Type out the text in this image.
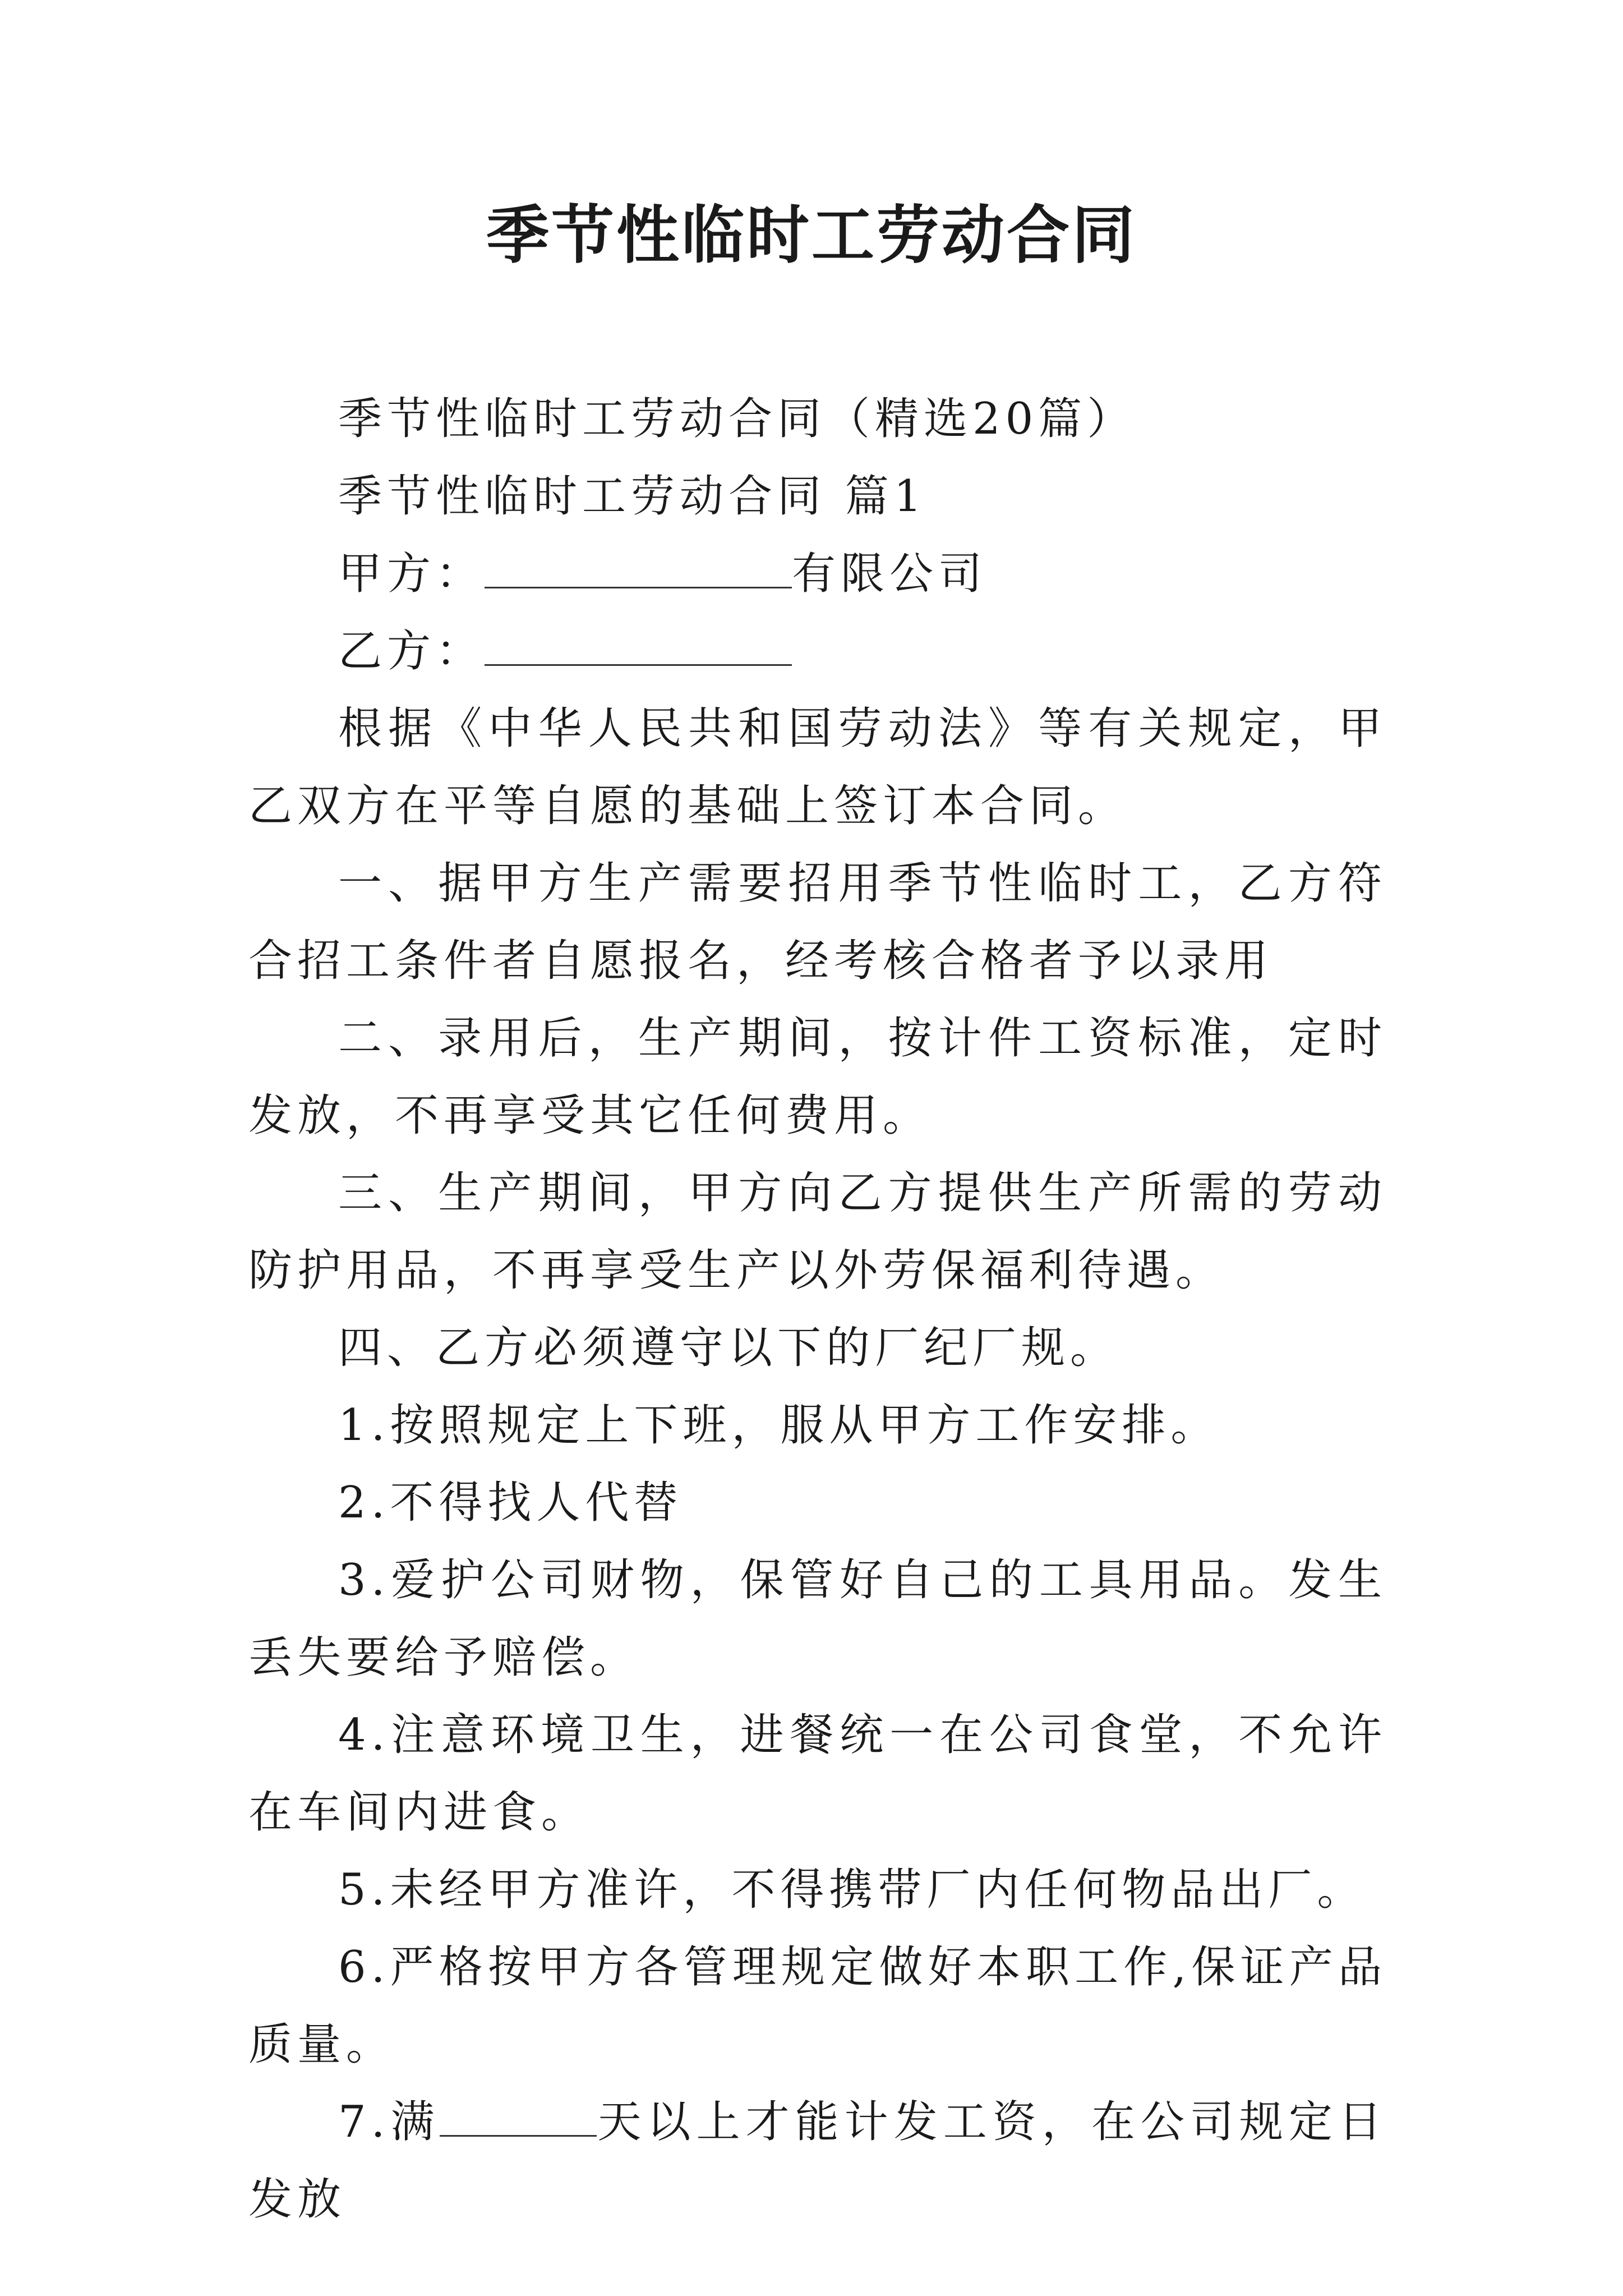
季节性临时工劳动合同

季节性临时工劳动合同（精选20篇）

季节性临时工劳动合同 篇1

甲方：	有限公司

乙方：

根据《中华人民共和国劳动法》等有关规定，甲乙双方在平等自愿的基础上签订本合同。

一、据甲方生产需要招用季节性临时工，乙方符合招工条件者自愿报名，经考核合格者予以录用

二、录用后，生产期间，按计件工资标准，定时发放，不再享受其它任何费用。

三、生产期间，甲方向乙方提供生产所需的劳动防护用品，不再享受生产以外劳保福利待遇。

四、乙方必须遵守以下的厂纪厂规。

1.按照规定上下班，服从甲方工作安排。

2.不得找人代替

3.爱护公司财物，保管好自己的工具用品。发生丢失要给予赔偿。

4.注意环境卫生，进餐统一在公司食堂，不允许在车间内进食。

5.未经甲方准许，不得携带厂内任何物品出厂。

6.严格按甲方各管理规定做好本职工作,保证产品质量。

7.满	天以上才能计发工资，在公司规定日发放
